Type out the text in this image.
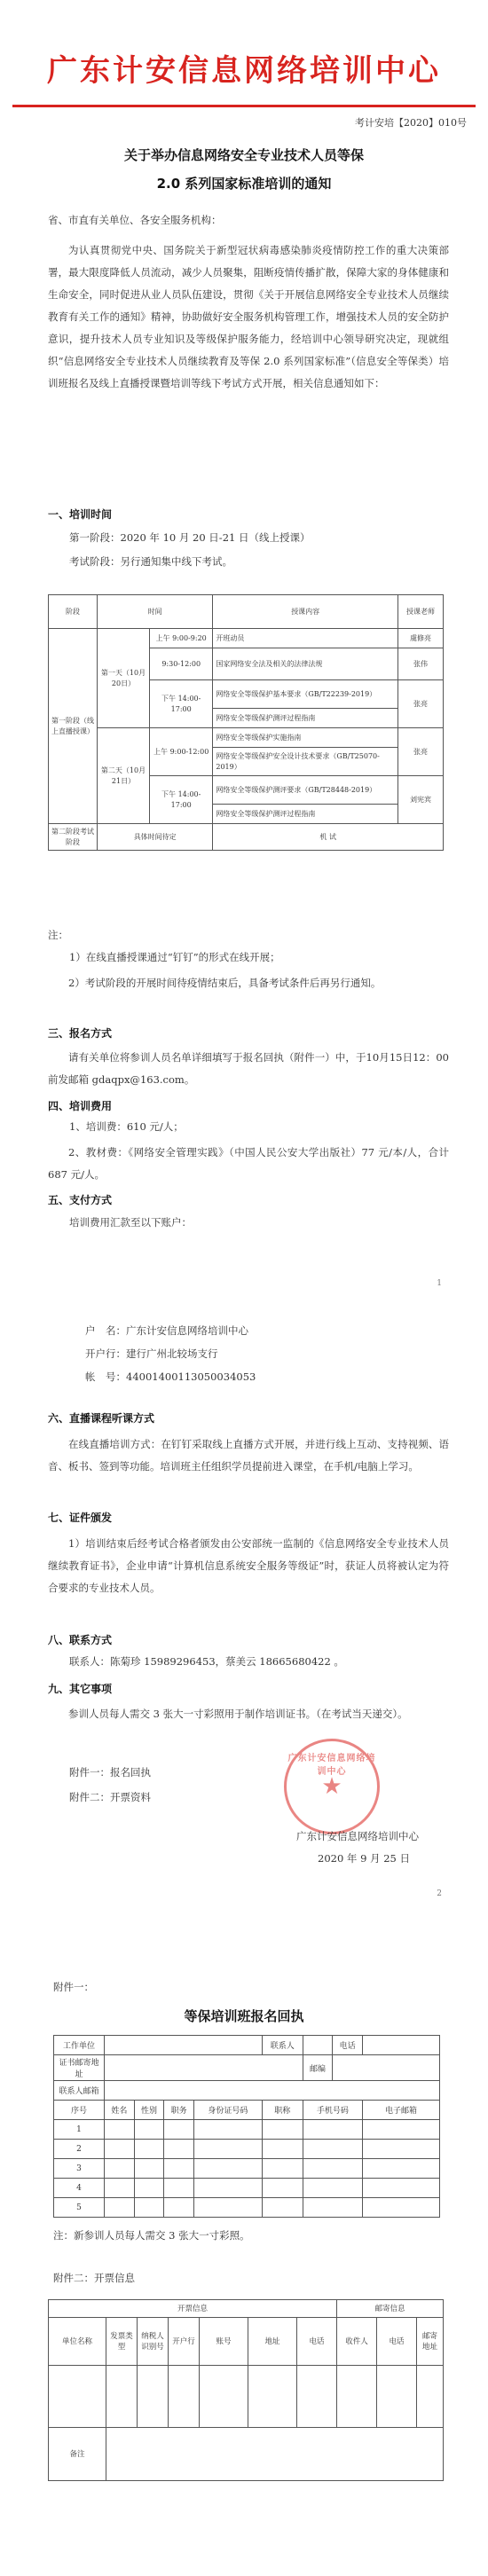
广东计安信息网络培训中心
考计安培【2020】010号
关于举办信息网络安全专业技术人员等保
2.0 系列国家标准培训的通知
省、市直有关单位、各安全服务机构：
为认真贯彻党中央、国务院关于新型冠状病毒感染肺炎疫情防控工作的重大决策部署，最大限度降低人员流动，减少人员聚集，阻断疫情传播扩散，保障大家的身体健康和生命安全，同时促进从业人员队伍建设，贯彻《关于开展信息网络安全专业技术人员继续教育有关工作的通知》精神，协助做好安全服务机构管理工作，增强技术人员的安全防护意识，提升技术人员专业知识及等级保护服务能力，经培训中心领导研究决定，现就组织“信息网络安全专业技术人员继续教育及等保 2.0 系列国家标准”（信息安全等保类）培训班报名及线上直播授课暨培训等线下考试方式开展，相关信息通知如下：
一、培训时间
第一阶段：2020 年 10 月 20 日-21 日（线上授课）
考试阶段：另行通知集中线下考试。
阶段	时间		授课内容	授课老师
第一阶段（线上直播授课）	第一天（10月20日）	上午 9:00-9:20	开班动员	虞修亮
		9:30-12:00	国家网络安全法及相关的法律法规	张伟
		下午 14:00-17:00	网络安全等级保护基本要求（GB/T22239-2019）	张亮
			网络安全等级保护测评过程指南	
	第二天（10月21日）	上午 9:00-12:00	网络安全等级保护实施指南	张亮
			网络安全等级保护安全设计技术要求（GB/T25070-2019）	
		下午 14:00-17:00	网络安全等级保护测评要求（GB/T28448-2019）	刘宪宾
			网络安全等级保护测评过程指南	
第二阶段考试阶段	具体时间待定		机 试	
注：
1）在线直播授课通过“钉钉”的形式在线开展；
2）考试阶段的开展时间待疫情结束后，具备考试条件后再另行通知。
三、报名方式
请有关单位将参训人员名单详细填写于报名回执（附件一）中，于10月15日12：00前发邮箱 gdaqpx@163.com。
四、培训费用
1、培训费：610 元/人；
2、教材费：《网络安全管理实践》（中国人民公安大学出版社）77 元/本/人，合计 687 元/人。
五、支付方式
培训费用汇款至以下账户：
1
户　名：广东计安信息网络培训中心
开户行：建行广州北较场支行
帐　号：44001400113050034053
六、直播课程听课方式
在线直播培训方式：在钉钉采取线上直播方式开展，并进行线上互动、支持视频、语音、板书、签到等功能。培训班主任组织学员提前进入课堂，在手机/电脑上学习。
七、证件颁发
1）培训结束后经考试合格者颁发由公安部统一监制的《信息网络安全专业技术人员继续教育证书》，企业申请“计算机信息系统安全服务等级证”时，获证人员将被认定为符合要求的专业技术人员。
八、联系方式
联系人：陈菊珍 15989296453，蔡美云 18665680422 。
九、其它事项
参训人员每人需交 3 张大一寸彩照用于制作培训证书。（在考试当天递交）。
附件一：报名回执
附件二：开票资料
广东计安信息网络培训中心
★
广东计安信息网络培训中心
2020 年 9 月 25 日
2
附件一：
等保培训班报名回执
工作单位					联系人		电话	
证书邮寄地址						邮编		
联系人邮箱								
序号	姓名	性别	职务	身份证号码	职称	手机号码		电子邮箱
1								
2								
3								
4								
5								
注：新参训人员每人需交 3 张大一寸彩照。
附件二：开票信息
开票信息							邮寄信息		
单位名称	发票类型	纳税人识别号	开户行	账号	地址	电话	收件人	电话	邮寄地址

备注									
